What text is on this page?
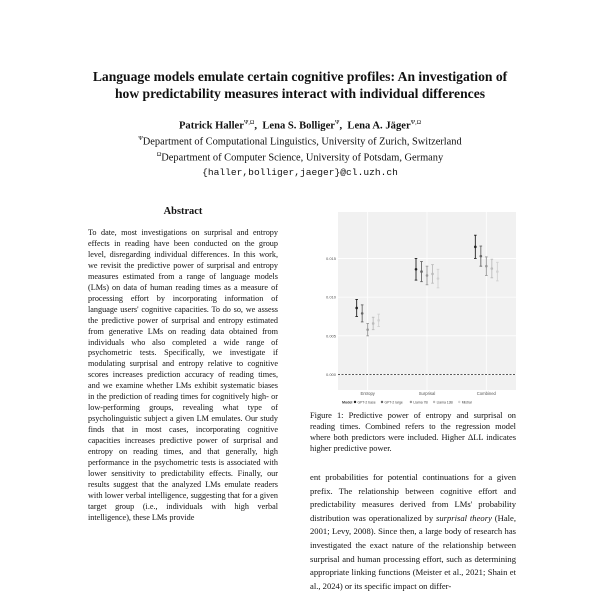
Language models emulate certain cognitive profiles: An investigation of
how predictability measures interact with individual differences
Patrick Haller$^{\Psi,\Omega}$,  Lena S. Bolliger$^\Psi$,  Lena A. Jäger$^{\Psi,\Omega}$
$^\Psi$Department of Computational Linguistics, University of Zurich, Switzerland
$^\Omega$Department of Computer Science, University of Potsdam, Germany
{haller,bolliger,jaeger}@cl.uzh.ch
Abstract
To date, most investigations on surprisal and entropy effects in reading have been conducted on the group level, disregarding individual differences. In this work, we revisit the predictive power of surprisal and entropy measures estimated from a range of language models (LMs) on data of human reading times as a measure of processing effort by incorporating information of language users' cognitive capacities. To do so, we assess the predictive power of surprisal and entropy estimated from generative LMs on reading data obtained from individuals who also completed a wide range of psychometric tests. Specifically, we investigate if modulating surprisal and entropy relative to cognitive scores increases prediction accuracy of reading times, and we examine whether LMs exhibit systematic biases in the prediction of reading times for cognitively high- or low-performing groups, revealing what type of psycholinguistic subject a given LM emulates. Our study finds that in most cases, incorporating cognitive capacities increases predictive power of surprisal and entropy on reading times, and that generally, high performance in the psychometric tests is associated with lower sensitivity to predictability effects. Finally, our results suggest that the analyzed LMs emulate readers with lower verbal intelligence, suggesting that for a given target group (i.e., individuals with high verbal intelligence), these LMs provide
0.000
0.005
0.010
0.015
Entropy	Surprisal	Combined
Model GPT-2 base	GPT-2 large	Llama 7B	Llama 13B	Mistral
Figure 1: Predictive power of entropy and surprisal on reading times. Combined refers to the regression model where both predictors were included. Higher ΔLL indicates higher predictive power.
ent probabilities for potential continuations for a given prefix. The relationship between cognitive effort and predictability measures derived from LMs' probability distribution was operationalized by surprisal theory (Hale, 2001; Levy, 2008). Since then, a large body of research has investigated the exact nature of the relationship between surprisal and human processing effort, such as determining appropriate linking functions (Meister et al., 2021; Shain et al., 2024) or its specific impact on differ-
